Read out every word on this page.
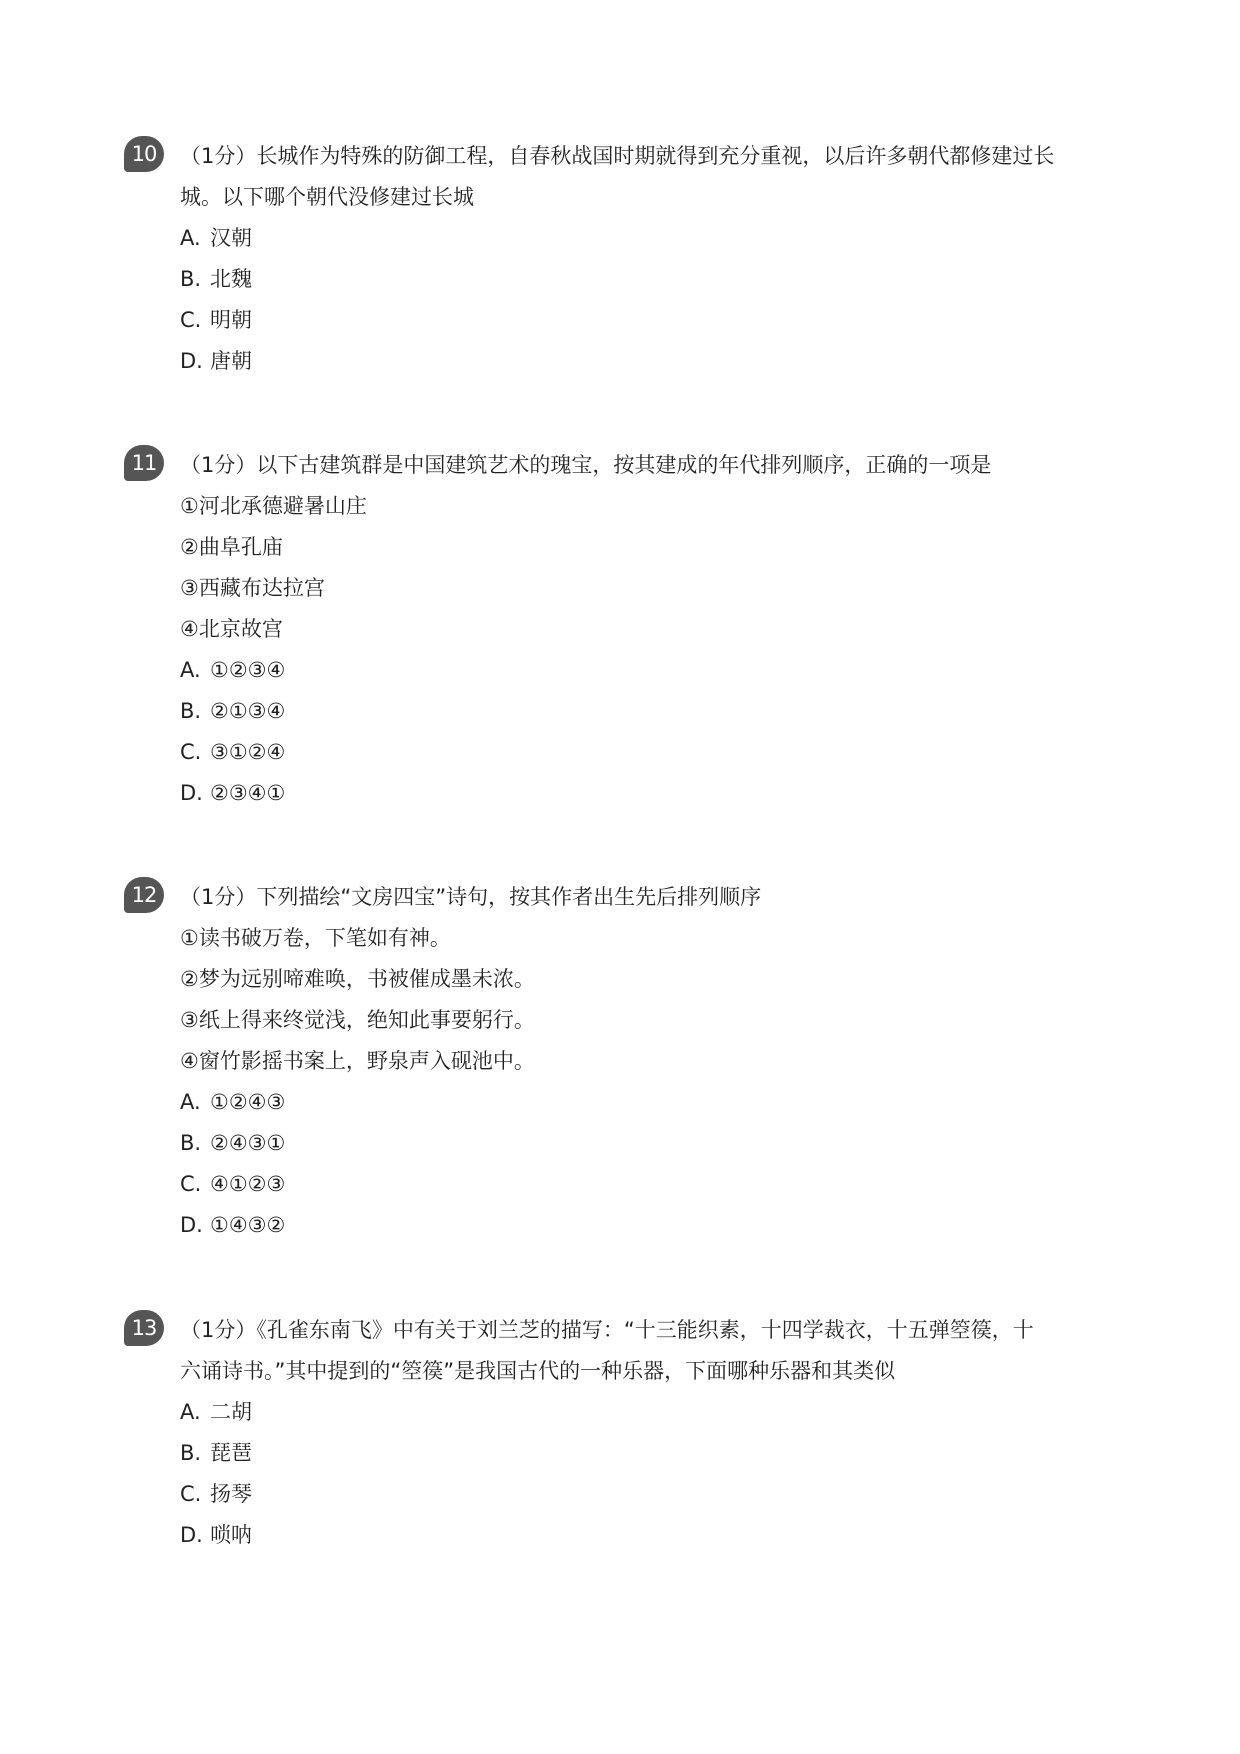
10	（1分）长城作为特殊的防御工程，自春秋战国时期就得到充分重视，以后许多朝代都修建过长
城。以下哪个朝代没修建过长城
A. 汉朝
B. 北魏
C. 明朝
D. 唐朝
11	（1分）以下古建筑群是中国建筑艺术的瑰宝，按其建成的年代排列顺序，正确的一项是
①河北承德避暑山庄
②曲阜孔庙
③西藏布达拉宫
④北京故宫
A. ①②③④
B. ②①③④
C. ③①②④
D. ②③④①
12	（1分）下列描绘“文房四宝”诗句，按其作者出生先后排列顺序
①读书破万卷，下笔如有神。
②梦为远别啼难唤，书被催成墨未浓。
③纸上得来终觉浅，绝知此事要躬行。
④窗竹影摇书案上，野泉声入砚池中。
A. ①②④③
B. ②④③①
C. ④①②③
D. ①④③②
13	（1分）《孔雀东南飞》中有关于刘兰芝的描写：“十三能织素，十四学裁衣，十五弹箜篌，十
六诵诗书。”其中提到的“箜篌”是我国古代的一种乐器，下面哪种乐器和其类似
A. 二胡
B. 琵琶
C. 扬琴
D. 唢呐
